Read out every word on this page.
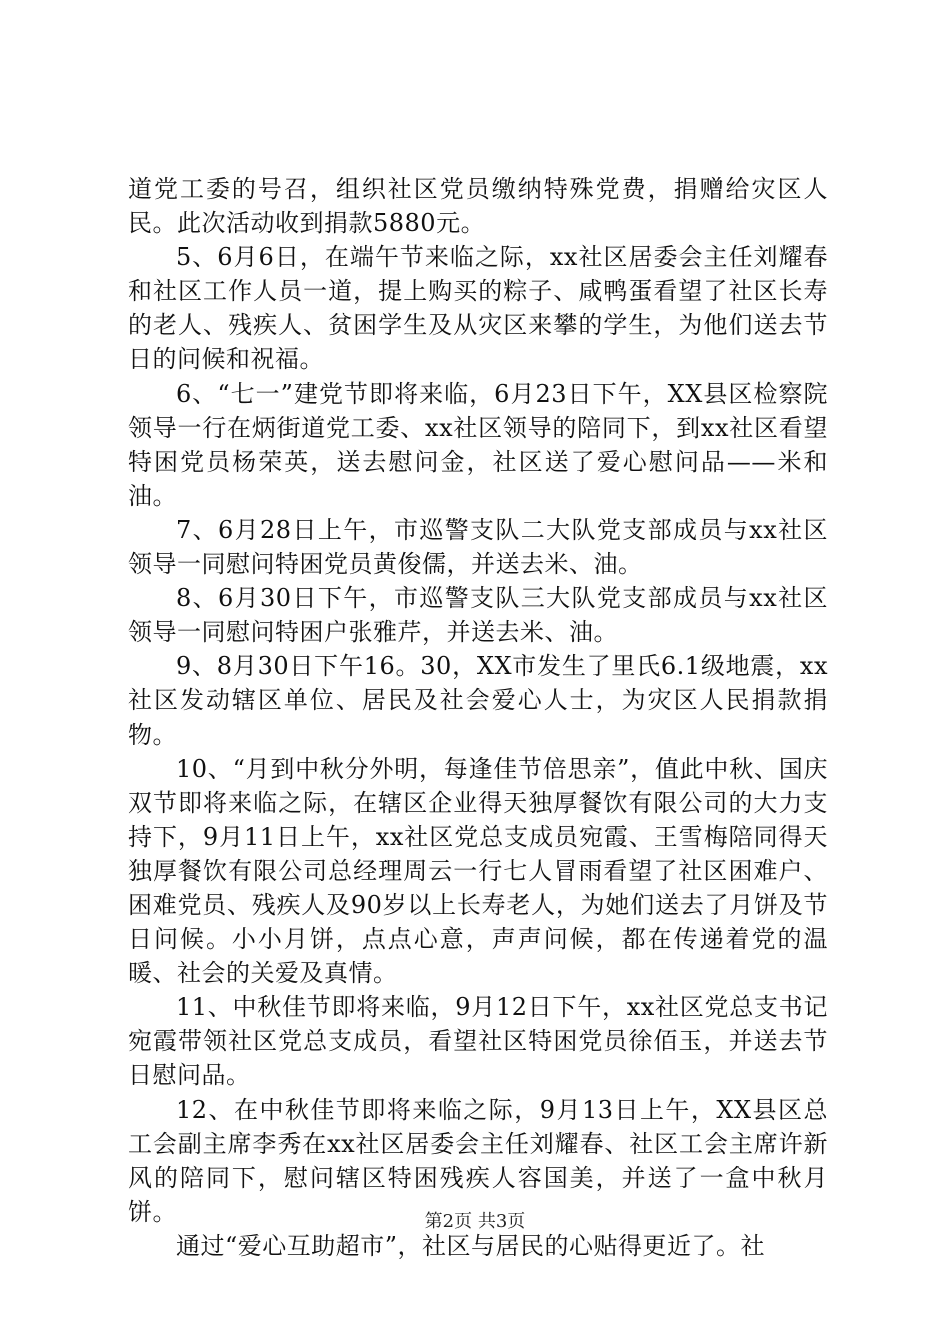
道党工委的号召，组织社区党员缴纳特殊党费，捐赠给灾区人民。此次活动收到捐款5880元。

5、6月6日，在端午节来临之际，xx社区居委会主任刘耀春和社区工作人员一道，提上购买的粽子、咸鸭蛋看望了社区长寿的老人、残疾人、贫困学生及从灾区来攀的学生，为他们送去节日的问候和祝福。

6、“七一”建党节即将来临，6月23日下午，XX县区检察院领导一行在炳街道党工委、xx社区领导的陪同下，到xx社区看望特困党员杨荣英，送去慰问金，社区送了爱心慰问品——米和油。

7、6月28日上午，市巡警支队二大队党支部成员与xx社区领导一同慰问特困党员黄俊儒，并送去米、油。

8、6月30日下午，市巡警支队三大队党支部成员与xx社区领导一同慰问特困户张雅芹，并送去米、油。

9、8月30日下午16。30，XX市发生了里氏6.1级地震，xx社区发动辖区单位、居民及社会爱心人士，为灾区人民捐款捐物。

10、“月到中秋分外明，每逢佳节倍思亲”，值此中秋、国庆双节即将来临之际，在辖区企业得天独厚餐饮有限公司的大力支持下，9月11日上午，xx社区党总支成员宛霞、王雪梅陪同得天独厚餐饮有限公司总经理周云一行七人冒雨看望了社区困难户、困难党员、残疾人及90岁以上长寿老人，为她们送去了月饼及节日问候。小小月饼，点点心意，声声问候，都在传递着党的温暖、社会的关爱及真情。

11、中秋佳节即将来临，9月12日下午，xx社区党总支书记宛霞带领社区党总支成员，看望社区特困党员徐佰玉，并送去节日慰问品。

12、在中秋佳节即将来临之际，9月13日上午，XX县区总工会副主席李秀在xx社区居委会主任刘耀春、社区工会主席许新风的陪同下，慰问辖区特困残疾人容国美，并送了一盒中秋月饼。

通过“爱心互助超市”，社区与居民的心贴得更近了。社

第2页 共3页
